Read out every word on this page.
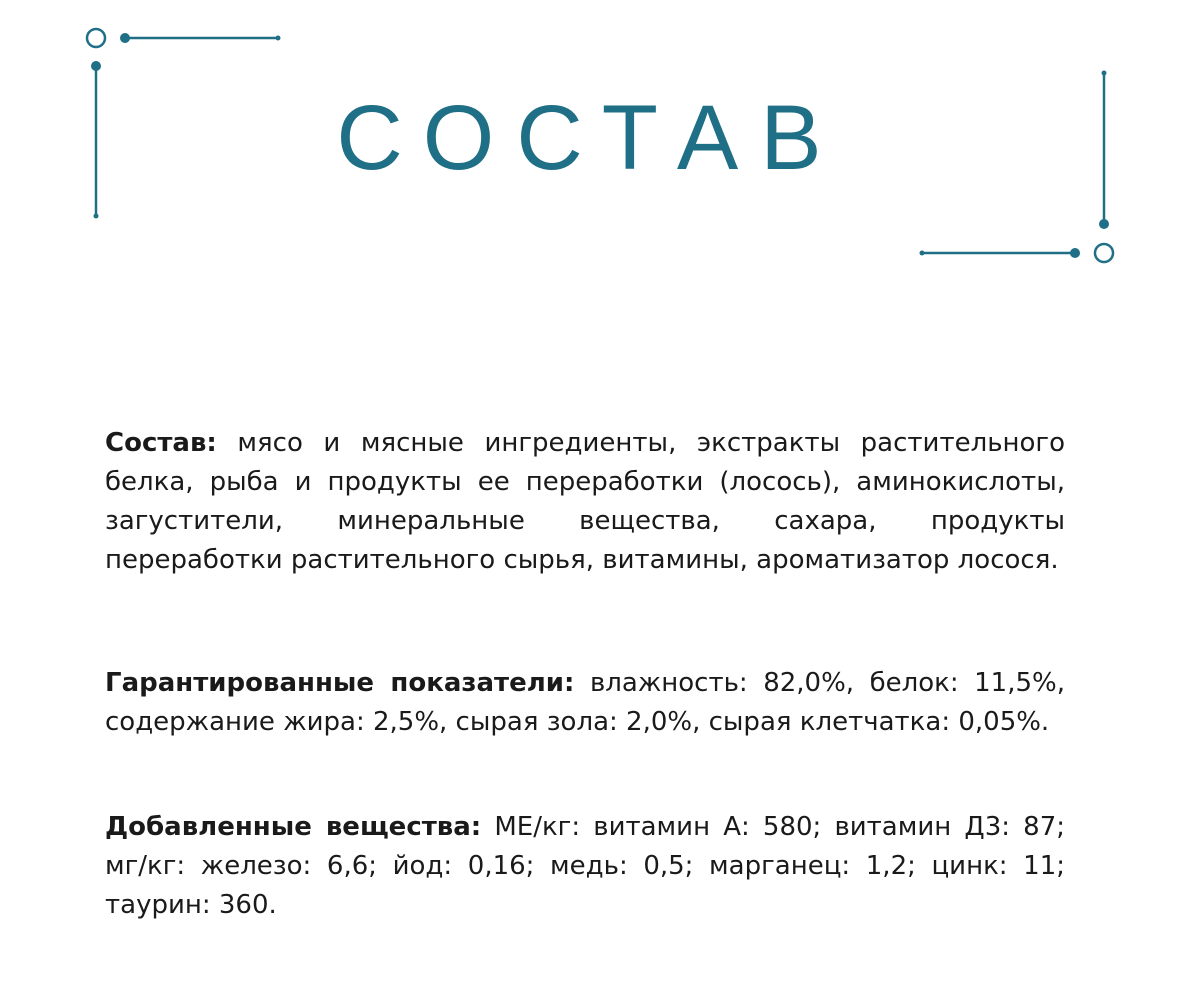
СОСТАВ

Состав: мясо и мясные ингредиенты, экстракты растительного белка, рыба и продукты ее переработки (лосось), аминокислоты, загустители, минеральные вещества, сахара, продукты переработки растительного сырья, витамины, ароматизатор лосося.

Гарантированные показатели: влажность: 82,0%, белок: 11,5%, содержание жира: 2,5%, сырая зола: 2,0%, сырая клетчатка: 0,05%.

Добавленные вещества: МЕ/кг: витамин А: 580; витамин Д3: 87; мг/кг: железо: 6,6; йод: 0,16; медь: 0,5; марганец: 1,2; цинк: 11; таурин: 360.
